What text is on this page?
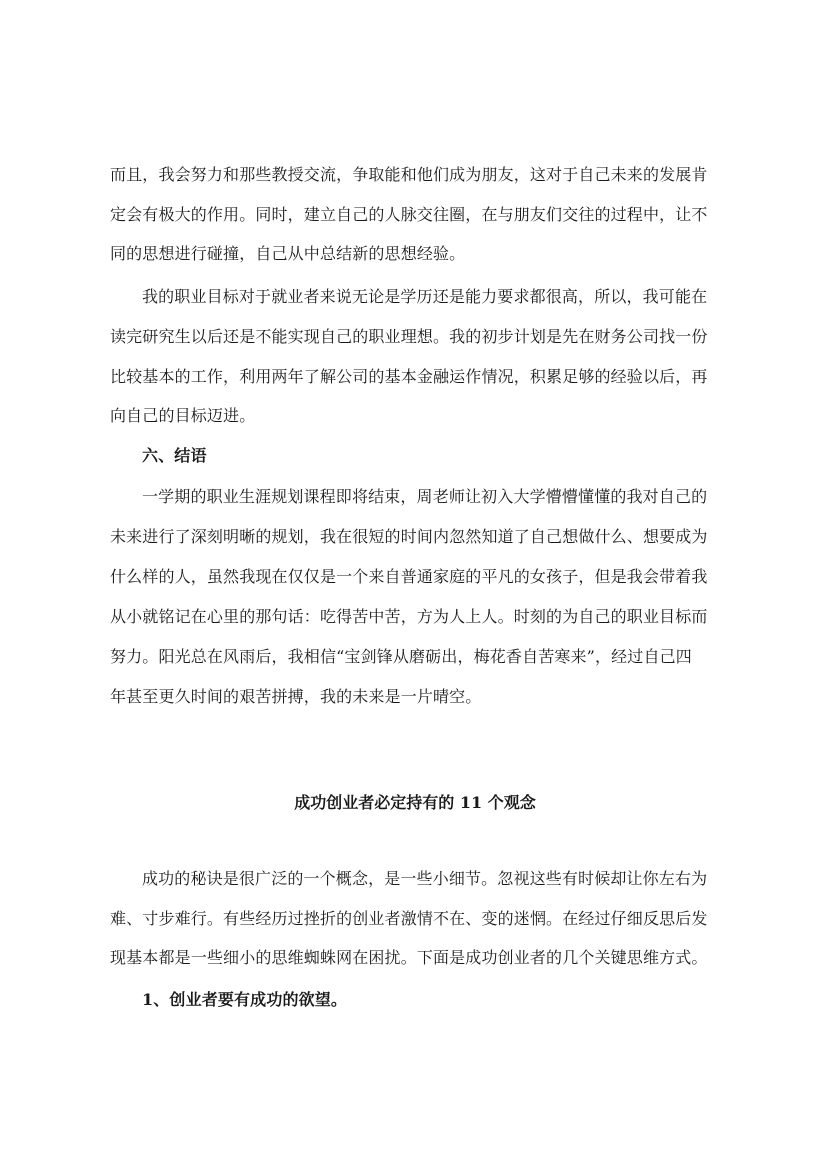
而且，我会努力和那些教授交流，争取能和他们成为朋友，这对于自己未来的发展肯
定会有极大的作用。同时，建立自己的人脉交往圈，在与朋友们交往的过程中，让不
同的思想进行碰撞，自己从中总结新的思想经验。
我的职业目标对于就业者来说无论是学历还是能力要求都很高，所以，我可能在
读完研究生以后还是不能实现自己的职业理想。我的初步计划是先在财务公司找一份
比较基本的工作，利用两年了解公司的基本金融运作情况，积累足够的经验以后，再
向自己的目标迈进。
六、结语
一学期的职业生涯规划课程即将结束，周老师让初入大学懵懵懂懂的我对自己的
未来进行了深刻明晰的规划，我在很短的时间内忽然知道了自己想做什么、想要成为
什么样的人，虽然我现在仅仅是一个来自普通家庭的平凡的女孩子，但是我会带着我
从小就铭记在心里的那句话：吃得苦中苦，方为人上人。时刻的为自己的职业目标而
努力。阳光总在风雨后，我相信“宝剑锋从磨砺出，梅花香自苦寒来”，经过自己四
年甚至更久时间的艰苦拼搏，我的未来是一片晴空。
成功创业者必定持有的 11 个观念
成功的秘诀是很广泛的一个概念，是一些小细节。忽视这些有时候却让你左右为
难、寸步难行。有些经历过挫折的创业者激情不在、变的迷惘。在经过仔细反思后发
现基本都是一些细小的思维蜘蛛网在困扰。下面是成功创业者的几个关键思维方式。
1、创业者要有成功的欲望。
